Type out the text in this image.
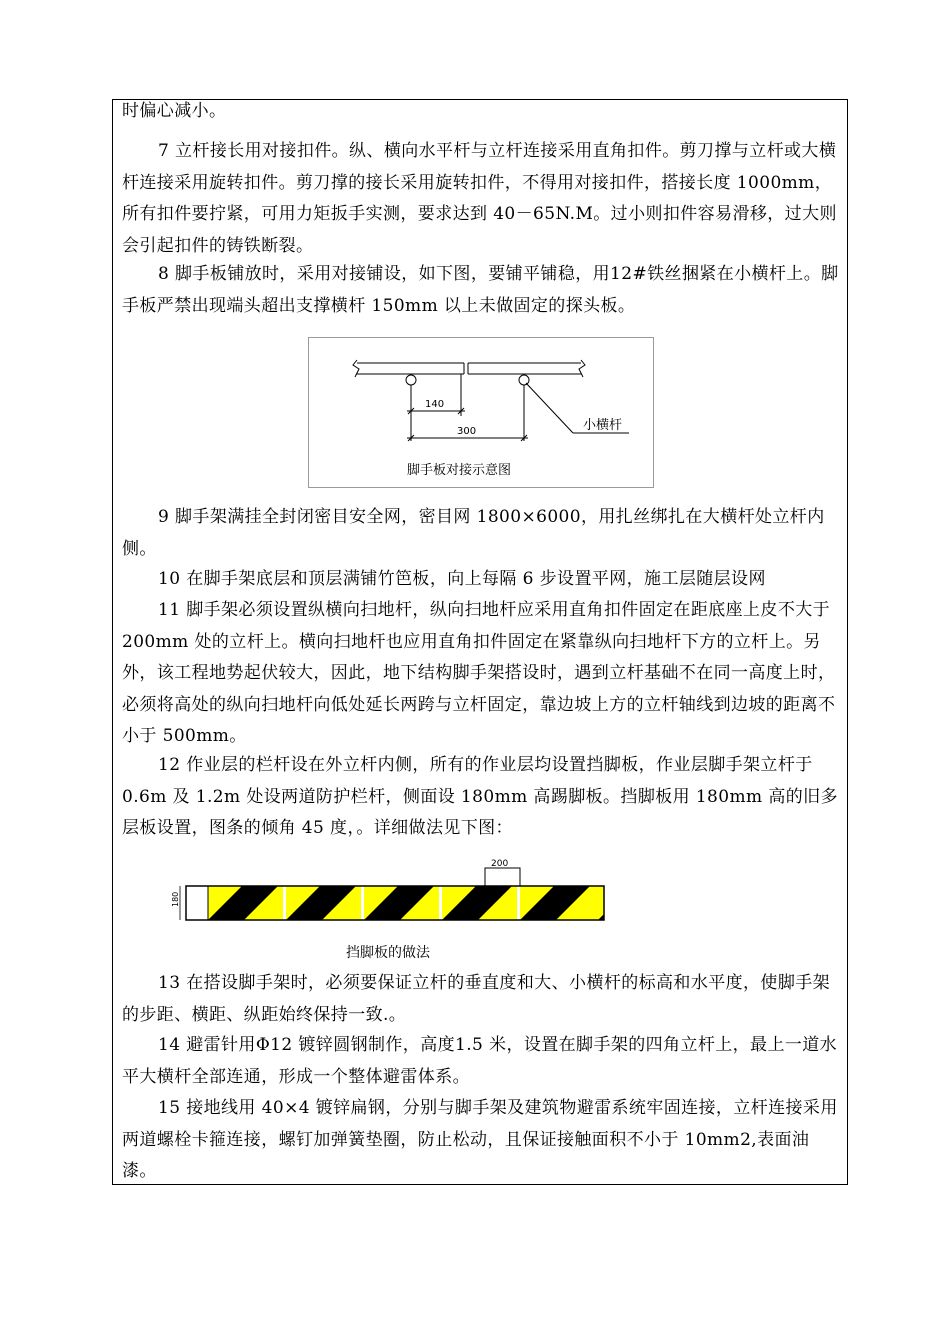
时偏心减小。

7 立杆接长用对接扣件。纵、横向水平杆与立杆连接采用直角扣件。剪刀撑与立杆或大横杆连接采用旋转扣件。剪刀撑的接长采用旋转扣件，不得用对接扣件，搭接长度 1000mm，所有扣件要拧紧，可用力矩扳手实测，要求达到 40－65N.M。过小则扣件容易滑移，过大则会引起扣件的铸铁断裂。

8 脚手板铺放时，采用对接铺设，如下图，要铺平铺稳，用12#铁丝捆紧在小横杆上。脚手板严禁出现端头超出支撑横杆 150mm 以上未做固定的探头板。

140
300	小横杆
脚手板对接示意图

9 脚手架满挂全封闭密目安全网，密目网 1800×6000，用扎丝绑扎在大横杆处立杆内侧。

10 在脚手架底层和顶层满铺竹笆板，向上每隔 6 步设置平网，施工层随层设网

11 脚手架必须设置纵横向扫地杆，纵向扫地杆应采用直角扣件固定在距底座上皮不大于 200mm 处的立杆上。横向扫地杆也应用直角扣件固定在紧靠纵向扫地杆下方的立杆上。另外，该工程地势起伏较大，因此，地下结构脚手架搭设时，遇到立杆基础不在同一高度上时，必须将高处的纵向扫地杆向低处延长两跨与立杆固定，靠边坡上方的立杆轴线到边坡的距离不小于 500mm。

12 作业层的栏杆设在外立杆内侧，所有的作业层均设置挡脚板，作业层脚手架立杆于 0.6m 及 1.2m 处设两道防护栏杆，侧面设 180mm 高踢脚板。挡脚板用 180mm 高的旧多层板设置，图条的倾角 45 度，。详细做法见下图：

180
200
挡脚板的做法

13 在搭设脚手架时，必须要保证立杆的垂直度和大、小横杆的标高和水平度，使脚手架的步距、横距、纵距始终保持一致.。

14 避雷针用Φ12 镀锌圆钢制作，高度1.5 米，设置在脚手架的四角立杆上，最上一道水平大横杆全部连通，形成一个整体避雷体系。

15 接地线用 40×4 镀锌扁钢，分别与脚手架及建筑物避雷系统牢固连接，立杆连接采用两道螺栓卡箍连接，螺钉加弹簧垫圈，防止松动，且保证接触面积不小于 10mm2,表面油漆。
